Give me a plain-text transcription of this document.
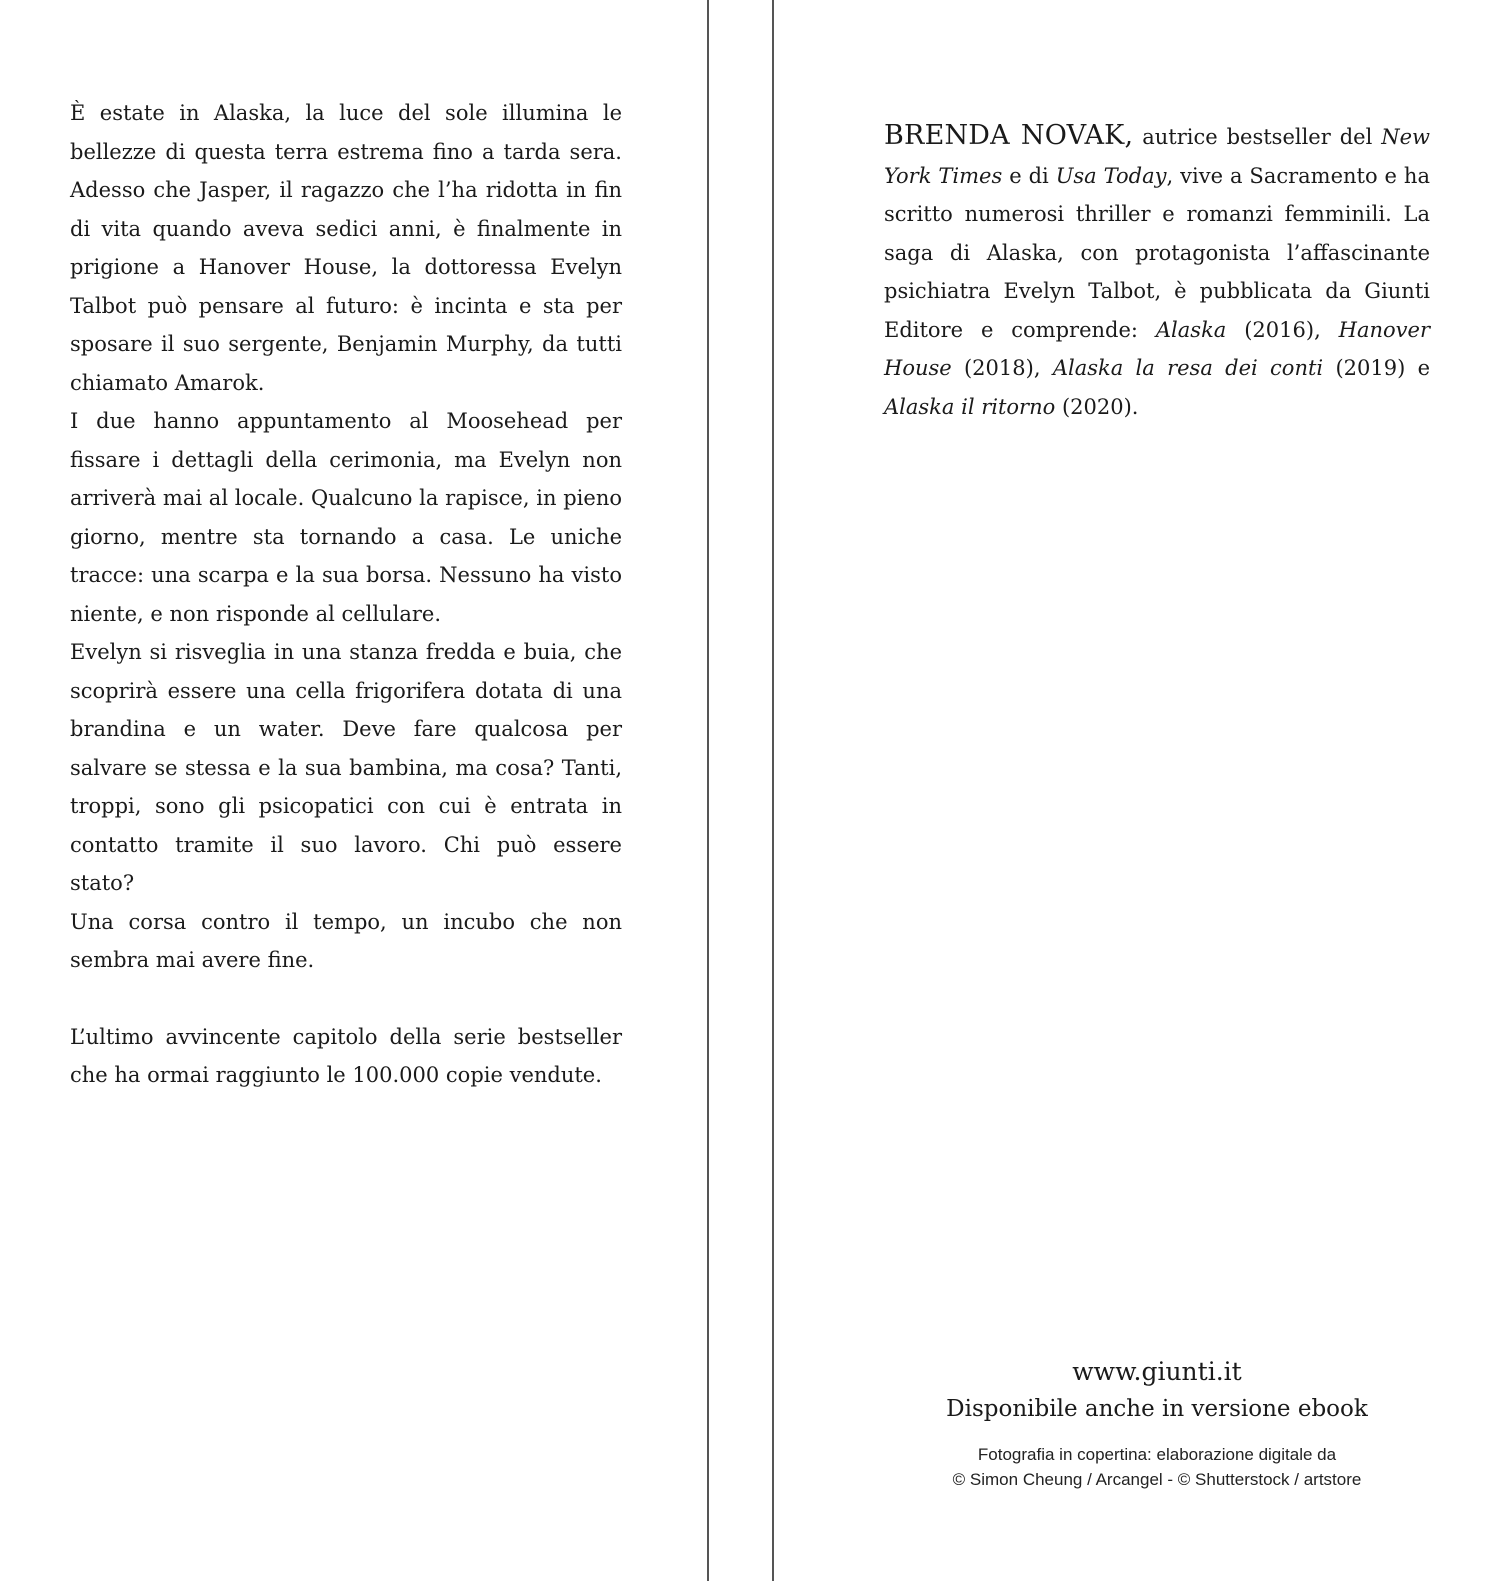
È estate in Alaska, la luce del sole illumina le bellezze di questa terra estrema fino a tarda sera. Adesso che Jasper, il ragazzo che l’ha ridotta in fin di vita quando aveva sedici anni, è finalmente in prigione a Hanover House, la dottoressa Evelyn Talbot può pensare al futuro: è incinta e sta per sposare il suo sergente, Benjamin Murphy, da tutti chiamato Amarok.

I due hanno appuntamento al Moosehead per fissare i dettagli della cerimonia, ma Evelyn non arriverà mai al locale. Qualcuno la rapisce, in pieno giorno, mentre sta tornando a casa. Le uniche tracce: una scarpa e la sua borsa. Nessuno ha visto niente, e non risponde al cellulare.

Evelyn si risveglia in una stanza fredda e buia, che scoprirà essere una cella frigorifera dotata di una brandina e un water. Deve fare qualcosa per salvare se stessa e la sua bambina, ma cosa? Tanti, troppi, sono gli psicopatici con cui è entrata in contatto tramite il suo lavoro. Chi può essere stato?

Una corsa contro il tempo, un incubo che non sembra mai avere fine.

L’ultimo avvincente capitolo della serie bestseller che ha ormai raggiunto le 100.000 copie vendute.

BRENDA NOVAK, autrice bestseller del New York Times e di Usa Today, vive a Sacramento e ha scritto numerosi thriller e romanzi femminili. La saga di Alaska, con protagonista l’affascinante psichiatra Evelyn Talbot, è pubblicata da Giunti Editore e comprende: Alaska (2016), Hanover House (2018), Alaska la resa dei conti (2019) e Alaska il ritorno (2020).

www.giunti.it
Disponibile anche in versione ebook
Fotografia in copertina: elaborazione digitale da
© Simon Cheung / Arcangel - © Shutterstock / artstore
